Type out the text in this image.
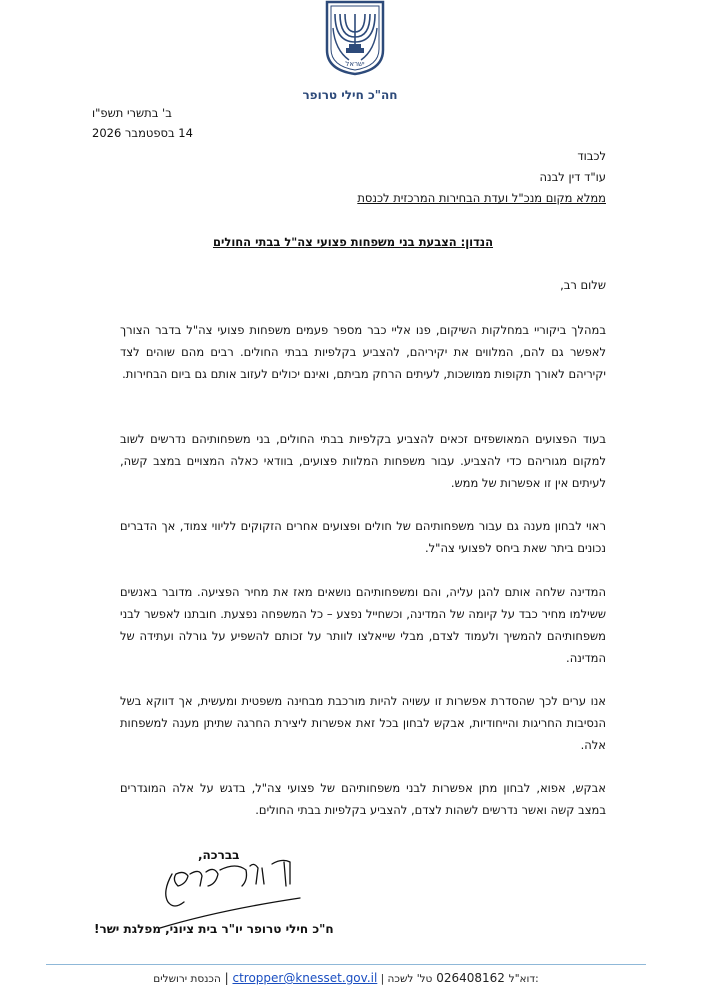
ישראל
חה"כ חילי טרופר
ב' בתשרי תשפ"ו
14 בספטמבר 2026
לכבוד
עו"ד דין לבנה
ממלא מקום מנכ"ל ועדת הבחירות המרכזית לכנסת
הנדון: הצבעת בני משפחות פצועי צה"ל בבתי החולים
שלום רב,

במהלך ביקוריי במחלקות השיקום, פנו אליי כבר מספר פעמים משפחות פצועי צה"ל בדבר הצורך לאפשר גם להם, המלווים את יקיריהם, להצביע בקלפיות בבתי החולים. רבים מהם שוהים לצד יקיריהם לאורך תקופות ממושכות, לעיתים הרחק מביתם, ואינם יכולים לעזוב אותם גם ביום הבחירות.

בעוד הפצועים המאושפזים זכאים להצביע בקלפיות בבתי החולים, בני משפחותיהם נדרשים לשוב למקום מגוריהם כדי להצביע. עבור משפחות המלוות פצועים, בוודאי כאלה המצויים במצב קשה, לעיתים אין זו אפשרות של ממש.

ראוי לבחון מענה גם עבור משפחותיהם של חולים ופצועים אחרים הזקוקים לליווי צמוד, אך הדברים נכונים ביתר שאת ביחס לפצועי צה"ל.

המדינה שלחה אותם להגן עליה, והם ומשפחותיהם נושאים מאז את מחיר הפציעה. מדובר באנשים ששילמו מחיר כבד על קיומה של המדינה, וכשחייל נפצע – כל המשפחה נפצעת. חובתנו לאפשר לבני משפחותיהם להמשיך ולעמוד לצדם, מבלי שייאלצו לוותר על זכותם להשפיע על גורלה ועתידה של המדינה.

אנו ערים לכך שהסדרת אפשרות זו עשויה להיות מורכבת מבחינה משפטית ומעשית, אך דווקא בשל הנסיבות החריגות והייחודיות, אבקש לבחון בכל זאת אפשרות ליצירת החרגה שתיתן מענה למשפחות אלה.

אבקש, אפוא, לבחון מתן אפשרות לבני משפחותיהם של פצועי צה"ל, בדגש על אלה המוגדרים במצב קשה ואשר נדרשים לשהות לצדם, להצביע בקלפיות בבתי החולים.

בברכה,
ח"כ חילי טרופר יו"ר בית ציוני, מפלגת ישר!
הכנסת ירושלים | ctropper@knesset.gov.il | דוא"ל 026408162 טל' לשכה:
